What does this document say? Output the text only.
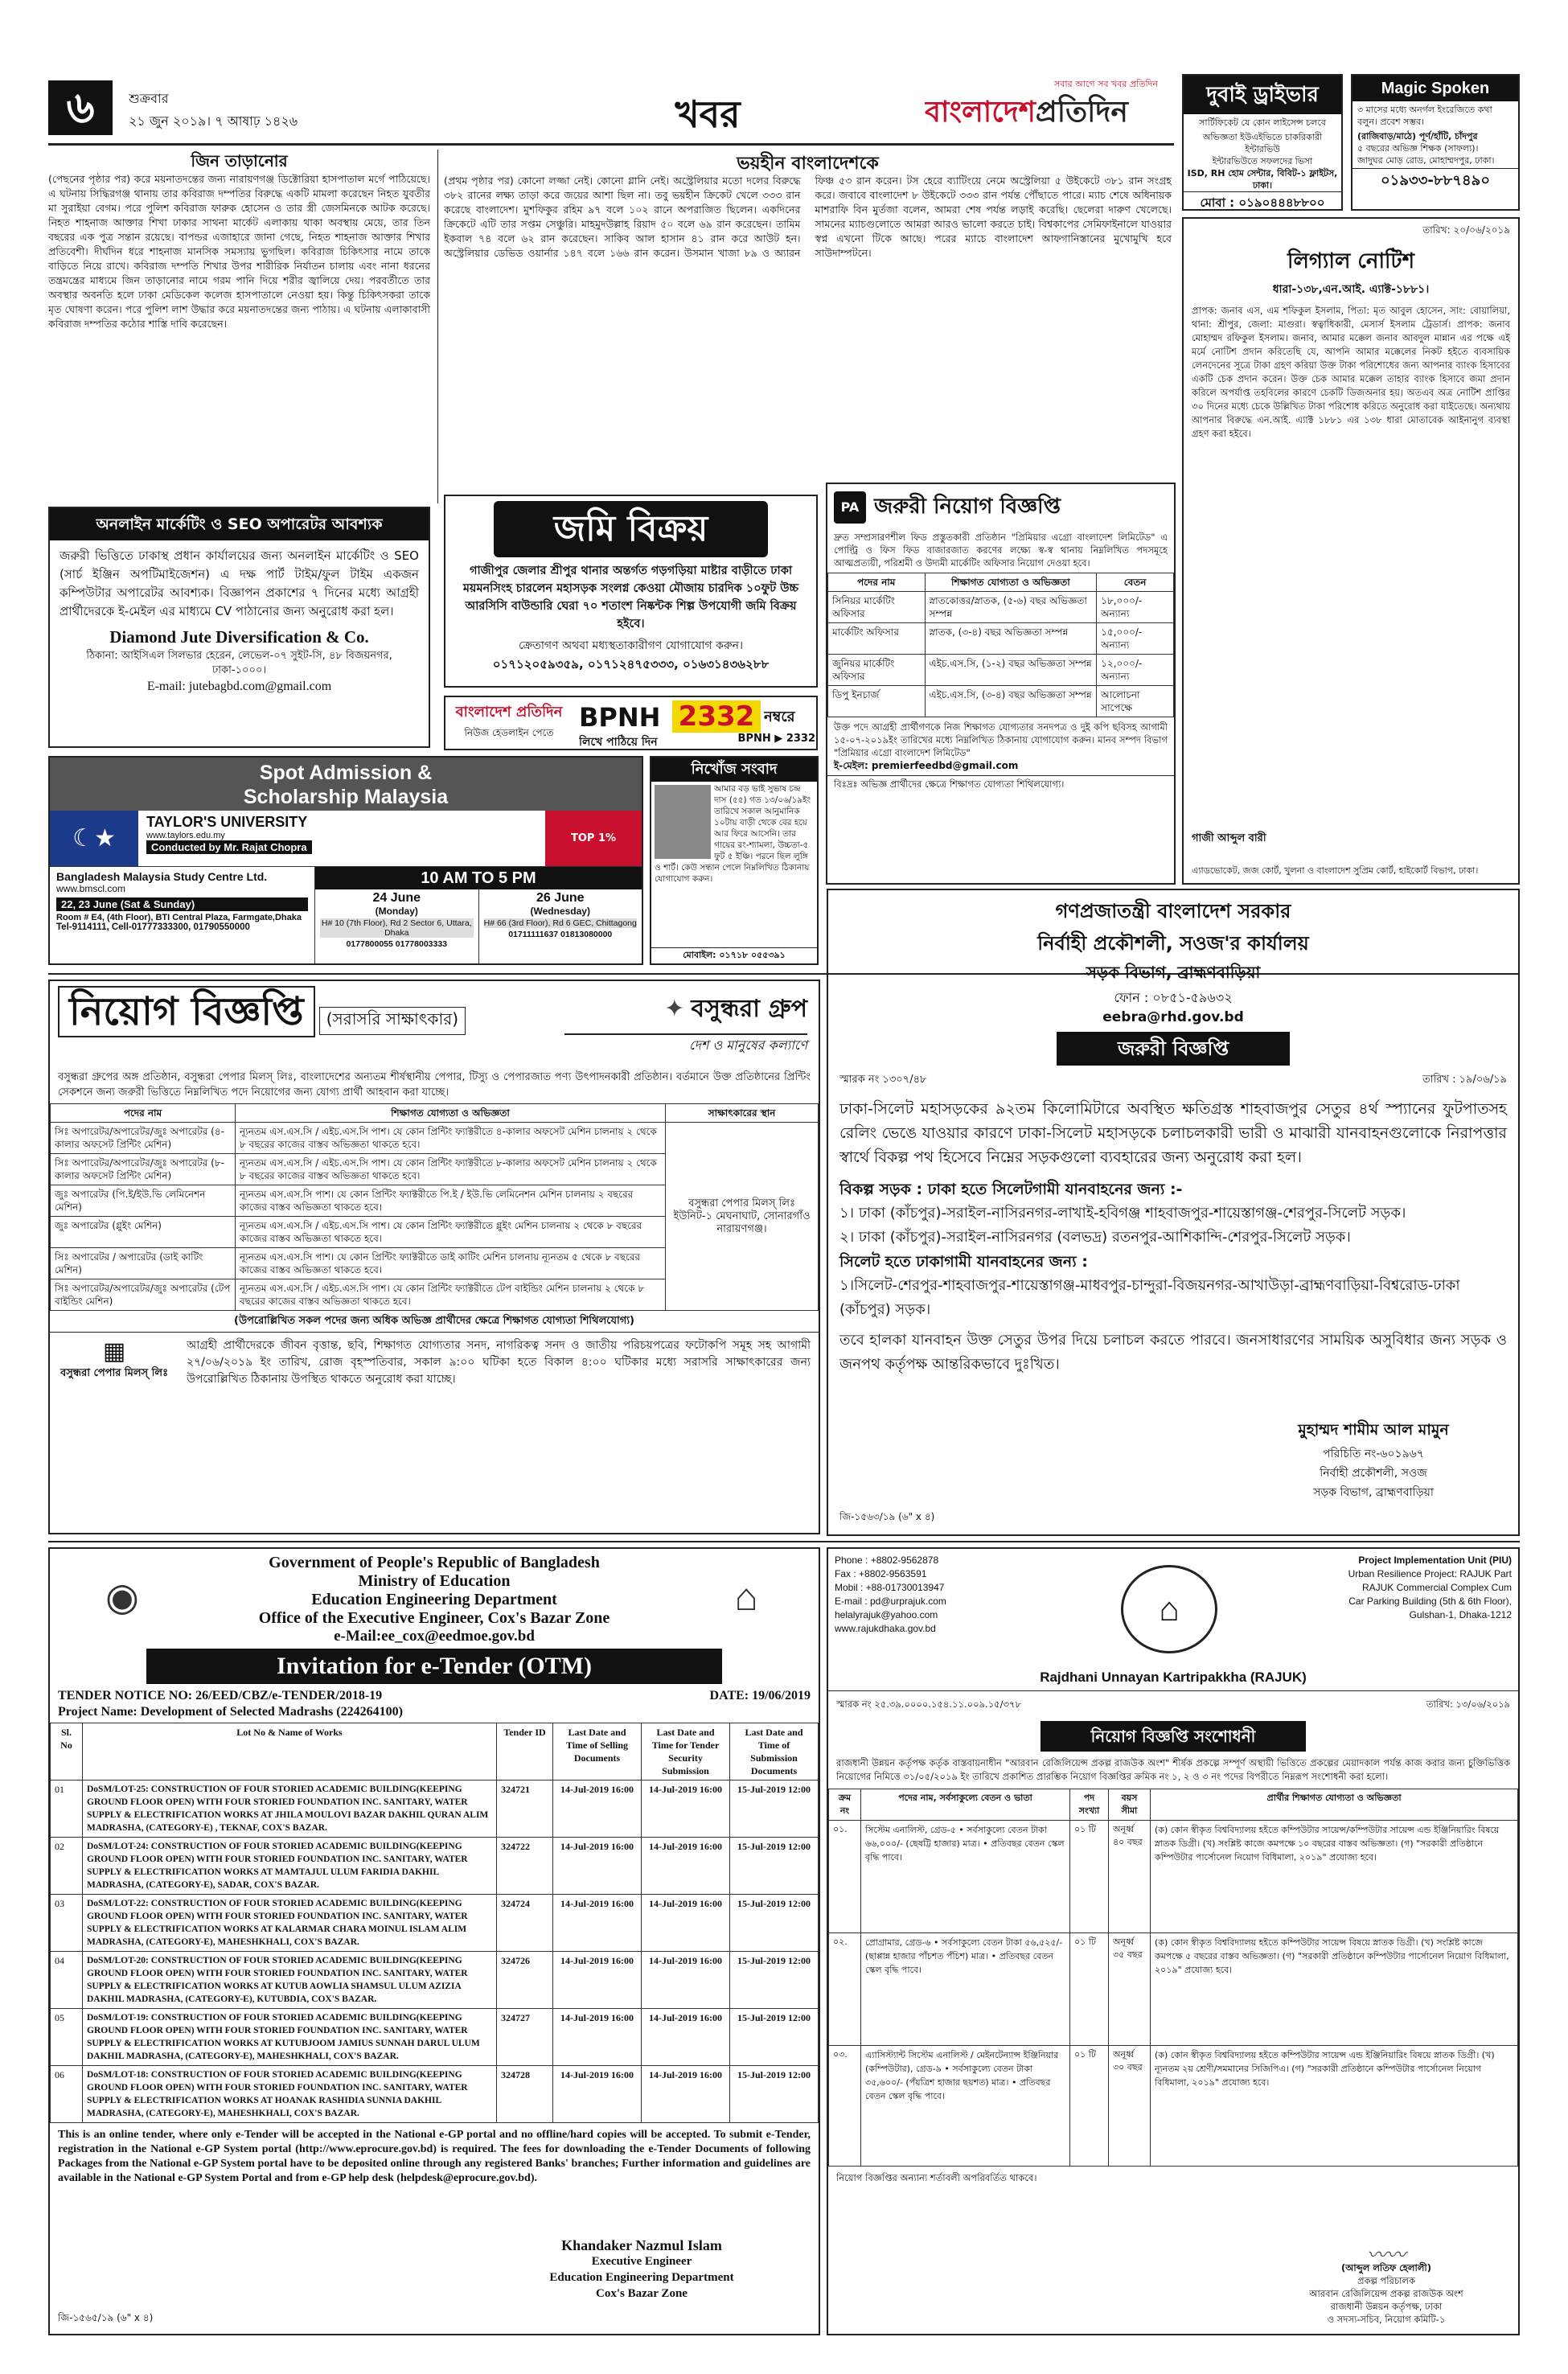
৬	শুক্রবার
২১ জুন ২০১৯। ৭ আষাঢ় ১৪২৬	খবর
সবার আগে সব খবর প্রতিদিন
বাংলাদেশপ্রতিদিন
দুবাই ড্রাইভার
সার্টিফিকেট যে কোন লাইসেন্স চলবে
অভিজ্ঞতা ইউএইভিতে চাকরিকারী ইন্টারভিউ
ইন্টারভিউতে সফলদের ভিসা
ISD, RH হোম সেন্টার, বিবিট-১ ফ্লাইটস, ঢাকা।
মোবা : ০১৯০৪৪৪৮৮০০
Magic Spoken
৩ মাসের মধ্যে অনর্গল ইংরেজিতে কথা বলুন। প্রবেশ সম্ভব।
(রাজিবাড়/মাঠে) পূর্ণ/হাঁটি, চাঁদপুর
৫ বছরের অভিজ্ঞ শিক্ষক (সাফল্য)।
জাদুঘর মোড় রোড, মোহাম্মদপুর, ঢাকা।
০১৯৩৩-৮৮৭৪৯০
জিন তাড়ানোর
(পেছনের পৃষ্ঠার পর) করে ময়নাতদন্তের জন্য নারায়ণগঞ্জ ডিক্টোরিয়া হাসপাতাল মর্গে পাঠিয়েছে। এ ঘটনায় সিদ্ধিরগঞ্জ থানায় তার কবিরাজ দম্পতির বিরুদ্ধে একটি মামলা করেছেন নিহত যুবতীর মা সুরাইয়া বেগম। পরে পুলিশ কবিরাজ ফারুক হোসেন ও তার স্ত্রী জেসমিনকে আটক করেছে। নিহত শাহনাজ আক্তার শিখা ঢাকার সাথনা মার্কেট এলাকায় থাকা অবস্থায় মেয়ে, তার তিন বছরের এক পুত্র সন্তান রয়েছে। বাপন্ডর এজাহারে জানা গেছে, নিহত শাহনাজ আক্তার শিখার প্রতিবেশী। দীর্ঘদিন ধরে শাহনাজ মানসিক সমস্যায় ভুগছিল। কবিরাজ চিকিৎসার নামে তাকে বাড়িতে নিয়ে রাখে। কবিরাজ দম্পতি শিখার উপর শারীরিক নির্যাতন চালায় এবং নানা ধরনের তন্ত্রমন্ত্রের মাধ্যমে জিন তাড়ানোর নামে গরম পানি দিয়ে শরীর জ্বালিয়ে দেয়। পরবর্তীতে তার অবস্থার অবনতি হলে ঢাকা মেডিকেল কলেজ হাসপাতালে নেওয়া হয়। কিন্তু চিকিৎসকরা তাকে মৃত ঘোষণা করেন। পরে পুলিশ লাশ উদ্ধার করে ময়নাতদন্তের জন্য পাঠায়। এ ঘটনায় এলাকাবাসী কবিরাজ দম্পতির কঠোর শাস্তি দাবি করেছেন।
ভয়হীন বাংলাদেশকে
(প্রথম পৃষ্ঠার পর) কোনো লজ্জা নেই। কোনো গ্লানি নেই। অস্ট্রেলিয়ার মতো দলের বিরুদ্ধে ৩৮২ রানের লক্ষ্য তাড়া করে জয়ের আশা ছিল না। তবু ভয়হীন ক্রিকেট খেলে ৩৩৩ রান করেছে বাংলাদেশ। মুশফিকুর রহিম ৯৭ বলে ১০২ রানে অপরাজিত ছিলেন। একদিনের ক্রিকেটে এটি তার সপ্তম সেঞ্চুরি। মাহমুদউল্লাহ রিয়াদ ৫০ বলে ৬৯ রান করেছেন। তামিম ইকবাল ৭৪ বলে ৬২ রান করেছেন। সাকিব আল হাসান ৪১ রান করে আউট হন। অস্ট্রেলিয়ার ডেভিড ওয়ার্নার ১৪৭ বলে ১৬৬ রান করেন। উসমান খাজা ৮৯ ও অ্যারন ফিঞ্চ ৫৩ রান করেন। টস হেরে ব্যাটিংয়ে নেমে অস্ট্রেলিয়া ৫ উইকেটে ৩৮১ রান সংগ্রহ করে। জবাবে বাংলাদেশ ৮ উইকেটে ৩৩৩ রান পর্যন্ত পৌঁছাতে পারে। ম্যাচ শেষে অধিনায়ক মাশরাফি বিন মুর্তজা বলেন, আমরা শেষ পর্যন্ত লড়াই করেছি। ছেলেরা দারুণ খেলেছে। সামনের ম্যাচগুলোতে আমরা আরও ভালো করতে চাই। বিশ্বকাপের সেমিফাইনালে যাওয়ার স্বপ্ন এখনো টিকে আছে। পরের ম্যাচে বাংলাদেশ আফগানিস্তানের মুখোমুখি হবে সাউদাম্পটনে।
অনলাইন মার্কেটিং ও SEO অপারেটর আবশ্যক
জরুরী ভিত্তিতে ঢাকাস্থ প্রধান কার্যালয়ের জন্য অনলাইন মার্কেটিং ও SEO (সার্চ ইঞ্জিন অপটিমাইজেশন) এ দক্ষ পার্ট টাইম/ফুল টাইম একজন কম্পিউটার অপারেটর আবশ্যক। বিজ্ঞাপন প্রকাশের ৭ দিনের মধ্যে আগ্রহী প্রার্থীদেরকে ই-মেইল এর মাধ্যমে CV পাঠানোর জন্য অনুরোধ করা হল।
Diamond Jute Diversification & Co.
ঠিকানা: আইসিএল সিলভার হেরেন, লেভেল-০৭ সুইট-সি, ৪৮ বিজয়নগর, ঢাকা-১০০০।
E-mail: jutebagbd.com@gmail.com
জমি বিক্রয়
গাজীপুর জেলার শ্রীপুর থানার অন্তর্গত গড়গড়িয়া মাষ্টার বাড়ীতে ঢাকা ময়মনসিংহ চারলেন মহাসড়ক সংলগ্ন কেওয়া মৌজায় চারদিক ১০ফুট উচ্চ আরসিসি বাউন্ডারি ঘেরা ৭০ শতাংশ নিষ্কন্টক শিল্প উপযোগী জমি বিক্রয় হইবে।
ক্রেতাগণ অথবা মধ্যস্থতাকারীগণ যোগাযোগ করুন।
০১৭১২০৫৯৩৫৯, ০১৭১২৪৭৫৩৩৩, ০১৬৩১৪৩৬২৮৮
বাংলাদেশ প্রতিদিন
নিউজ হেডলাইন পেতে BPNH 2332 নম্বরে
লিখে পাঠিয়ে দিন	BPNH ▶ 2332
PA জরুরী নিয়োগ বিজ্ঞপ্তি
দ্রুত সম্প্রসারণশীল ফিড প্রস্তুতকারী প্রতিষ্ঠান "প্রিমিয়ার এগ্রো বাংলাদেশ লিমিটেড" এ পোল্ট্রি ও ফিস ফিড বাজারজাত করণের লক্ষ্যে স্ব-স্ব থানায় নিম্নলিখিত পদসমূহে আত্মপ্রত্যয়ী, পরিশ্রমী ও উদ্যমী মার্কেটিং অফিসার নিয়োগ দেওয়া হবে।
পদের নাম	শিক্ষাগত যোগ্যতা ও অভিজ্ঞতা	বেতন
সিনিয়র মার্কেটিং অফিসার	স্নাতকোত্তর/স্নাতক, (৫-৬) বছর অভিজ্ঞতা সম্পন্ন	১৮,০০০/- অন্যান্য
মার্কেটিং অফিসার	স্নাতক, (৩-৪) বছর অভিজ্ঞতা সম্পন্ন	১৫,০০০/- অন্যান্য
জুনিয়র মার্কেটিং অফিসার	এইচ.এস.সি, (১-২) বছর অভিজ্ঞতা সম্পন্ন	১২,০০০/- অন্যান্য
ডিপু ইনচার্জ	এইচ.এস.সি, (৩-৪) বছর অভিজ্ঞতা সম্পন্ন	আলোচনা সাপেক্ষে
উক্ত পদে আগ্রহী প্রার্থীগণকে নিজ শিক্ষাগত যোগ্যতার সনদপত্র ও দুই কপি ছবিসহ আগামী ১৫-০৭-২০১৯ইং তারিখের মধ্যে নিম্নলিখিত ঠিকানায় যোগাযোগ করুন। মানব সম্পদ বিভাগ "প্রিমিয়ার এগ্রো বাংলাদেশ লিমিটেড"
ই-মেইল: premierfeedbd@gmail.com
বিঃদ্রঃ অভিজ্ঞ প্রার্থীদের ক্ষেত্রে শিক্ষাগত যোগ্যতা শিথিলযোগ্য।
তারিখ: ২০/০৬/২০১৯
লিগ্যাল নোটিশ
ধারা-১৩৮,এন.আই. এ্যাক্ট-১৮৮১।
প্রাপক: জনাব এস, এম শফিকুল ইসলাম, পিতা: মৃত আবুল হোসেন, সাং: বোয়ালিয়া, থানা: শ্রীপুর, জেলা: মাগুরা। স্বত্বাধিকারী, মেসার্স ইসলাম ট্রেডার্স। প্রাপক: জনাব মোহাম্মদ রফিকুল ইসলাম। জনাব, আমার মক্কেল জনাব আবদুল মান্নান এর পক্ষে এই মর্মে নোটিশ প্রদান করিতেছি যে, আপনি আমার মক্কেলের নিকট হইতে ব্যবসায়িক লেনদেনের সূত্রে টাকা গ্রহণ করিয়া উক্ত টাকা পরিশোধের জন্য আপনার ব্যাংক হিসাবের একটি চেক প্রদান করেন। উক্ত চেক আমার মক্কেল তাহার ব্যাংক হিসাবে জমা প্রদান করিলে অপর্যাপ্ত তহবিলের কারণে চেকটি ডিজঅনার হয়। অতএব অত্র নোটিশ প্রাপ্তির ৩০ দিনের মধ্যে চেকে উল্লিখিত টাকা পরিশোধ করিতে অনুরোধ করা যাইতেছে। অন্যথায় আপনার বিরুদ্ধে এন.আই. এ্যাক্ট ১৮৮১ এর ১৩৮ ধারা মোতাবেক আইনানুগ ব্যবস্থা গ্রহণ করা হইবে।
গাজী আব্দুল বারী
এ্যাডভোকেট, জজ কোর্ট, খুলনা ও বাংলাদেশ সুপ্রিম কোর্ট, হাইকোর্ট বিভাগ, ঢাকা।
Spot Admission &
Scholarship Malaysia
☾★
TAYLOR'S UNIVERSITY
www.taylors.edu.my
Conducted by Mr. Rajat Chopra
TOP 1%
Bangladesh Malaysia Study Centre Ltd.
www.bmscl.com
22, 23 June (Sat & Sunday)
Room # E4, (4th Floor), BTI Central Plaza, Farmgate,Dhaka
Tel-9114111, Cell-01777333300, 01790550000
10 AM TO 5 PM
24 June
(Monday)
H# 10 (7th Floor), Rd 2 Sector 6, Uttara, Dhaka
0177800055 01778003333
26 June
(Wednesday)
H# 66 (3rd Floor), Rd 6 GEC, Chittagong
01711111637 01813080000
নিখোঁজ সংবাদ
আমার বড় ভাই সুভাষ চন্দ্র দাস (৫৫) গত ১৩/০৬/১৯ইং তারিখে সকাল আনুমানিক ১০টায় বাড়ী থেকে বের হয়ে আর ফিরে আসেনি। তার গায়ের রং-শ্যামলা, উচ্চতা-৫ ফুট ৫ ইঞ্চি। পরনে ছিল লুঙ্গি ও শার্ট। কেউ সন্ধান পেলে নিম্নলিখিত ঠিকানায় যোগাযোগ করুন।
মোবাইল: ০১৭১৮ ০৫৫৩৯১
নিয়োগ বিজ্ঞপ্তি (সরাসরি সাক্ষাৎকার)	✦ বসুন্ধরা গ্রুপ
দেশ ও মানুষের কল্যাণে
বসুন্ধরা গ্রুপের অঙ্গ প্রতিষ্ঠান, বসুন্ধরা পেপার মিলস্ লিঃ, বাংলাদেশের অন্যতম শীর্ষস্থানীয় পেপার, টিস্যু ও পেপারজাত পণ্য উৎপাদনকারী প্রতিষ্ঠান। বর্তমানে উক্ত প্রতিষ্ঠানের প্রিন্টিং সেকশনে জন্য জরুরী ভিত্তিতে নিম্নলিখিত পদে নিয়োগের জন্য যোগ্য প্রার্থী আহবান করা যাচ্ছে।
পদের নাম	শিক্ষাগত যোগ্যতা ও অভিজ্ঞতা	সাক্ষাৎকারের স্থান
সিঃ অপারেটর/অপারেটর/জুঃ অপারেটর (৪-কালার অফসেট প্রিন্টিং মেশিন)	ন্যূনতম এস.এস.সি / এইচ.এস.সি পাশ। যে কোন প্রিন্টিং ফ্যাক্টরীতে ৪-কালার অফসেট মেশিন চালনায় ২ থেকে ৮ বছরের কাজের বাস্তব অভিজ্ঞতা থাকতে হবে।	বসুন্ধরা পেপার মিলস্ লিঃ ইউনিট-১ মেঘনাঘাট, সোনারগাঁও নারায়ণগঞ্জ।
সিঃ অপারেটর/অপারেটর/জুঃ অপারেটর (৮-কালার অফসেট প্রিন্টিং মেশিন)	ন্যূনতম এস.এস.সি / এইচ.এস.সি পাশ। যে কোন প্রিন্টিং ফ্যাক্টরীতে ৮-কালার অফসেট মেশিন চালনায় ২ থেকে ৮ বছরের কাজের বাস্তব অভিজ্ঞতা থাকতে হবে।	
জুঃ অপারেটর (পি.ই/ইউ.ভি লেমিনেশন মেশিন)	ন্যূনতম এস.এস.সি পাশ। যে কোন প্রিন্টিং ফ্যাক্টরীতে পি.ই / ইউ.ভি লেমিনেশন মেশিন চালনায় ২ বছরের কাজের বাস্তব অভিজ্ঞতা থাকতে হবে।	
জুঃ অপারেটর (গ্লুইং মেশিন)	ন্যূনতম এস.এস.সি / এইচ.এস.সি পাশ। যে কোন প্রিন্টিং ফ্যাক্টরীতে গ্লুইং মেশিন চালনায় ২ থেকে ৮ বছরের কাজের বাস্তব অভিজ্ঞতা থাকতে হবে।	
সিঃ অপারেটর / অপারেটর (ডাই কাটিং মেশিন)	ন্যূনতম এস.এস.সি পাশ। যে কোন প্রিন্টিং ফ্যাক্টরীতে ডাই কাটিং মেশিন চালনায় ন্যূনতম ৫ থেকে ৮ বছরের কাজের বাস্তব অভিজ্ঞতা থাকতে হবে।	
সিঃ অপারেটর/অপারেটর/জুঃ অপারেটর (টেপ বাইন্ডিং মেশিন)	ন্যূনতম এস.এস.সি / এইচ.এস.সি পাশ। যে কোন প্রিন্টিং ফ্যাক্টরীতে টেপ বাইন্ডিং মেশিন চালনায় ২ থেকে ৮ বছরের কাজের বাস্তব অভিজ্ঞতা থাকতে হবে।	
(উপরোল্লিখিত সকল পদের জন্য অধিক অভিজ্ঞ প্রার্থীদের ক্ষেত্রে শিক্ষাগত যোগ্যতা শিথিলযোগ্য)
▦
বসুন্ধরা পেপার মিলস্ লিঃ
আগ্রহী প্রার্থীদেরকে জীবন বৃত্তান্ত, ছবি, শিক্ষাগত যোগ্যতার সনদ, নাগরিকত্ব সনদ ও জাতীয় পরিচয়পত্রের ফটোকপি সমূহ সহ আগামী ২৭/০৬/২০১৯ ইং তারিখ, রোজ বৃহস্পতিবার, সকাল ৯:০০ ঘটিকা হতে বিকাল ৪:০০ ঘটিকার মধ্যে সরাসরি সাক্ষাৎকারের জন্য উপরোল্লিখিত ঠিকানায় উপস্থিত থাকতে অনুরোধ করা যাচ্ছে।
গণপ্রজাতন্ত্রী বাংলাদেশ সরকার
নির্বাহী প্রকৌশলী, সওজ'র কার্যালয়
সড়ক বিভাগ, ব্রাহ্মণবাড়িয়া
ফোন : ০৮৫১-৫৯৬৩২
eebra@rhd.gov.bd
জরুরী বিজ্ঞপ্তি
স্মারক নং ১৩০৭/৪৮	তারিখ : ১৯/০৬/১৯
ঢাকা-সিলেট মহাসড়কের ৯২তম কিলোমিটারে অবস্থিত ক্ষতিগ্রস্ত শাহবাজপুর সেতুর ৪র্থ স্প্যানের ফুটপাতসহ রেলিং ভেঙে যাওয়ার কারণে ঢাকা-সিলেট মহাসড়কে চলাচলকারী ভারী ও মাঝারী যানবাহনগুলোকে নিরাপত্তার স্বার্থে বিকল্প পথ হিসেবে নিম্নের সড়কগুলো ব্যবহারের জন্য অনুরোধ করা হল।
বিকল্প সড়ক : ঢাকা হতে সিলেটগামী যানবাহনের জন্য :-
১। ঢাকা (কাঁচপুর)-সরাইল-নাসিরনগর-লাখাই-হবিগঞ্জ শাহবাজপুর-শায়েস্তাগঞ্জ-শেরপুর-সিলেট সড়ক।
২। ঢাকা (কাঁচপুর)-সরাইল-নাসিরনগর (বলভদ্র) রতনপুর-আশিকান্দি-শেরপুর-সিলেট সড়ক।
সিলেট হতে ঢাকাগামী যানবাহনের জন্য :
১।সিলেট-শেরপুর-শাহবাজপুর-শায়েস্তাগঞ্জ-মাধবপুর-চান্দুরা-বিজয়নগর-আখাউড়া-ব্রাহ্মণবাড়িয়া-বিশ্বরোড-ঢাকা (কাঁচপুর) সড়ক।
তবে হালকা যানবাহন উক্ত সেতুর উপর দিয়ে চলাচল করতে পারবে। জনসাধারণের সাময়িক অসুবিধার জন্য সড়ক ও জনপথ কর্তৃপক্ষ আন্তরিকভাবে দুঃখিত।
মুহাম্মদ শামীম আল মামুন
পরিচিতি নং-৬০১৯৬৭
নির্বাহী প্রকৌশলী, সওজ
সড়ক বিভাগ, ব্রাহ্মণবাড়িয়া
জি-১৫৬৩/১৯ (৬" x ৪)
◉
Government of People's Republic of Bangladesh
Ministry of Education
Education Engineering Department
Office of the Executive Engineer, Cox's Bazar Zone
e-Mail:ee_cox@eedmoe.gov.bd
⌂
Invitation for e-Tender (OTM)
TENDER NOTICE NO: 26/EED/CBZ/e-TENDER/2018-19	DATE: 19/06/2019
Project Name: Development of Selected Madrashs (224264100)
Sl. No	Lot No & Name of Works	Tender ID	Last Date and Time of Selling Documents	Last Date and Time for Tender Security Submission	Last Date and Time of Submission Documents
01	DoSM/LOT-25: CONSTRUCTION OF FOUR STORIED ACADEMIC BUILDING(KEEPING GROUND FLOOR OPEN) WITH FOUR STORIED FOUNDATION INC. SANITARY, WATER SUPPLY & ELECTRIFICATION WORKS AT JHILA MOULOVI BAZAR DAKHIL QURAN ALIM MADRASHA, (CATEGORY-E) , TEKNAF, COX'S BAZAR.	324721	14-Jul-2019 16:00	14-Jul-2019 16:00	15-Jul-2019 12:00
02	DoSM/LOT-24: CONSTRUCTION OF FOUR STORIED ACADEMIC BUILDING(KEEPING GROUND FLOOR OPEN) WITH FOUR STORIED FOUNDATION INC. SANITARY, WATER SUPPLY & ELECTRIFICATION WORKS AT MAMTAJUL ULUM FARIDIA DAKHIL MADRASHA, (CATEGORY-E), SADAR, COX'S BAZAR.	324722	14-Jul-2019 16:00	14-Jul-2019 16:00	15-Jul-2019 12:00
03	DoSM/LOT-22: CONSTRUCTION OF FOUR STORIED ACADEMIC BUILDING(KEEPING GROUND FLOOR OPEN) WITH FOUR STORIED FOUNDATION INC. SANITARY, WATER SUPPLY & ELECTRIFICATION WORKS AT KALARMAR CHARA MOINUL ISLAM ALIM MADRASHA, (CATEGORY-E), MAHESHKHALI, COX'S BAZAR.	324724	14-Jul-2019 16:00	14-Jul-2019 16:00	15-Jul-2019 12:00
04	DoSM/LOT-20: CONSTRUCTION OF FOUR STORIED ACADEMIC BUILDING(KEEPING GROUND FLOOR OPEN) WITH FOUR STORIED FOUNDATION INC. SANITARY, WATER SUPPLY & ELECTRIFICATION WORKS AT KUTUB AOWLIA SHAMSUL ULUM AZIZIA DAKHIL MADRASHA, (CATEGORY-E), KUTUBDIA, COX'S BAZAR.	324726	14-Jul-2019 16:00	14-Jul-2019 16:00	15-Jul-2019 12:00
05	DoSM/LOT-19: CONSTRUCTION OF FOUR STORIED ACADEMIC BUILDING(KEEPING GROUND FLOOR OPEN) WITH FOUR STORIED FOUNDATION INC. SANITARY, WATER SUPPLY & ELECTRIFICATION WORKS AT KUTUBJOOM JAMIUS SUNNAH DARUL ULUM DAKHIL MADRASHA, (CATEGORY-E), MAHESHKHALI, COX'S BAZAR.	324727	14-Jul-2019 16:00	14-Jul-2019 16:00	15-Jul-2019 12:00
06	DoSM/LOT-18: CONSTRUCTION OF FOUR STORIED ACADEMIC BUILDING(KEEPING GROUND FLOOR OPEN) WITH FOUR STORIED FOUNDATION INC. SANITARY, WATER SUPPLY & ELECTRIFICATION WORKS AT HOANAK RASHIDIA SUNNIA DAKHIL MADRASHA, (CATEGORY-E), MAHESHKHALI, COX'S BAZAR.	324728	14-Jul-2019 16:00	14-Jul-2019 16:00	15-Jul-2019 12:00
This is an online tender, where only e-Tender will be accepted in the National e-GP portal and no offline/hard copies will be accepted. To submit e-Tender, registration in the National e-GP System portal (http://www.eprocure.gov.bd) is required. The fees for downloading the e-Tender Documents of following Packages from the National e-GP System portal have to be deposited online through any registered Banks' branches; Further information and guidelines are available in the National e-GP System Portal and from e-GP help desk (helpdesk@eprocure.gov.bd).
Khandaker Nazmul Islam
Executive Engineer
Education Engineering Department
Cox's Bazar Zone
জি-১৫৬৫/১৯ (৬" x ৪)
Phone : +8802-9562878
Fax : +8802-9563591
Mobil : +88-01730013947
E-mail : pd@urprajuk.com
helalyrajuk@yahoo.com
www.rajukdhaka.gov.bd
⌂
Project Implementation Unit (PIU)
Urban Resilience Project: RAJUK Part
RAJUK Commercial Complex Cum
Car Parking Building (5th & 6th Floor),
Gulshan-1, Dhaka-1212
Rajdhani Unnayan Kartripakkha (RAJUK)
স্মারক নং ২৫.৩৯.০০০০.১৫৪.১১.০০৯.১৫/৩৭৮	তারিখ: ১৩/০৬/২০১৯
নিয়োগ বিজ্ঞপ্তি সংশোধনী
রাজধানী উন্নয়ন কর্তৃপক্ষ কর্তৃক বাস্তবায়নাধীন "আরবান রেজিলিয়েন্স প্রকল্প রাজউক অংশ" শীর্ষক প্রকল্পে সম্পূর্ণ অস্থায়ী ভিত্তিতে প্রকল্পের মেয়াদকাল পর্যন্ত কাজ করার জন্য চুক্তিভিত্তিক নিয়োগের নিমিত্তে ৩১/০৫/২০১৯ ইং তারিখে প্রকাশিত প্রারম্ভিক নিয়োগ বিজ্ঞপ্তির ক্রমিক নং ১, ২ ও ৩ নং পদের বিপরীতে নিম্নরূপ সংশোধনী করা হলো।
ক্রম নং	পদের নাম, সর্বসাকুল্যে বেতন ও ভাতা	পদ সংখ্যা	বয়স সীমা	প্রার্থীর শিক্ষাগত যোগ্যতা ও অভিজ্ঞতা
০১.	সিস্টেম এনালিস্ট, গ্রেড-৫ • সর্বসাকুল্যে বেতন টাকা ৬৬,০০০/- (ছেষট্টি হাজার) মাত্র। • প্রতিবছর বেতন স্কেল বৃদ্ধি পাবে।	০১ টি	অনূর্ধ্ব ৪০ বছর	(ক) কোন স্বীকৃত বিশ্ববিদ্যালয় হইতে কম্পিউটার সায়েন্স/কম্পিউটার সায়েন্স এন্ড ইঞ্জিনিয়ারিং বিষয়ে স্নাতক ডিগ্রী। (খ) সংশ্লিষ্ট কাজে কমপক্ষে ১০ বছরের বাস্তব অভিজ্ঞতা। (গ) "সরকারী প্রতিষ্ঠানে কম্পিউটার পার্সোনেল নিয়োগ বিধিমালা, ২০১৯" প্রযোজ্য হবে।
০২.	প্রোগ্রামার, গ্রেড-৬ • সর্বসাকুল্যে বেতন টাকা ৫৬,৫২৫/- (ছাপ্পান্ন হাজার পাঁচশত পঁচিশ) মাত্র। • প্রতিবছর বেতন স্কেল বৃদ্ধি পাবে।	০১ টি	অনূর্ধ্ব ৩৫ বছর	(ক) কোন স্বীকৃত বিশ্ববিদ্যালয় হইতে কম্পিউটার সায়েন্স বিষয়ে স্নাতক ডিগ্রী। (খ) সংশ্লিষ্ট কাজে কমপক্ষে ৫ বছরের বাস্তব অভিজ্ঞতা। (গ) "সরকারী প্রতিষ্ঠানে কম্পিউটার পার্সোনেল নিয়োগ বিধিমালা, ২০১৯" প্রযোজ্য হবে।
০৩.	এ্যাসিস্ট্যান্ট সিস্টেম এনালিস্ট / মেইনটেন্যান্স ইঞ্জিনিয়ার (কম্পিউটার), গ্রেড-৯ • সর্বসাকুল্যে বেতন টাকা ৩৫,৬০০/- (পঁয়ত্রিশ হাজার ছয়শত) মাত্র। • প্রতিবছর বেতন স্কেল বৃদ্ধি পাবে।	০১ টি	অনূর্ধ্ব ৩০ বছর	(ক) কোন স্বীকৃত বিশ্ববিদ্যালয় হইতে কম্পিউটার সায়েন্স এন্ড ইঞ্জিনিয়ারিং বিষয়ে স্নাতক ডিগ্রী। (খ) ন্যূনতম ২য় শ্রেণী/সমমানের সিজিপিএ। (গ) "সরকারী প্রতিষ্ঠানে কম্পিউটার পার্সোনেল নিয়োগ বিধিমালা, ২০১৯" প্রযোজ্য হবে।
নিয়োগ বিজ্ঞপ্তির অন্যান্য শর্তাবলী অপরিবর্তিত থাকবে।
〰〰
(আব্দুল লতিফ হেলালী)
প্রকল্প পরিচালক
আরবান রেজিলিয়েন্স প্রকল্প রাজউক অংশ
রাজধানী উন্নয়ন কর্তৃপক্ষ, ঢাকা
ও সদস্য-সচিব, নিয়োগ কমিটি-১
